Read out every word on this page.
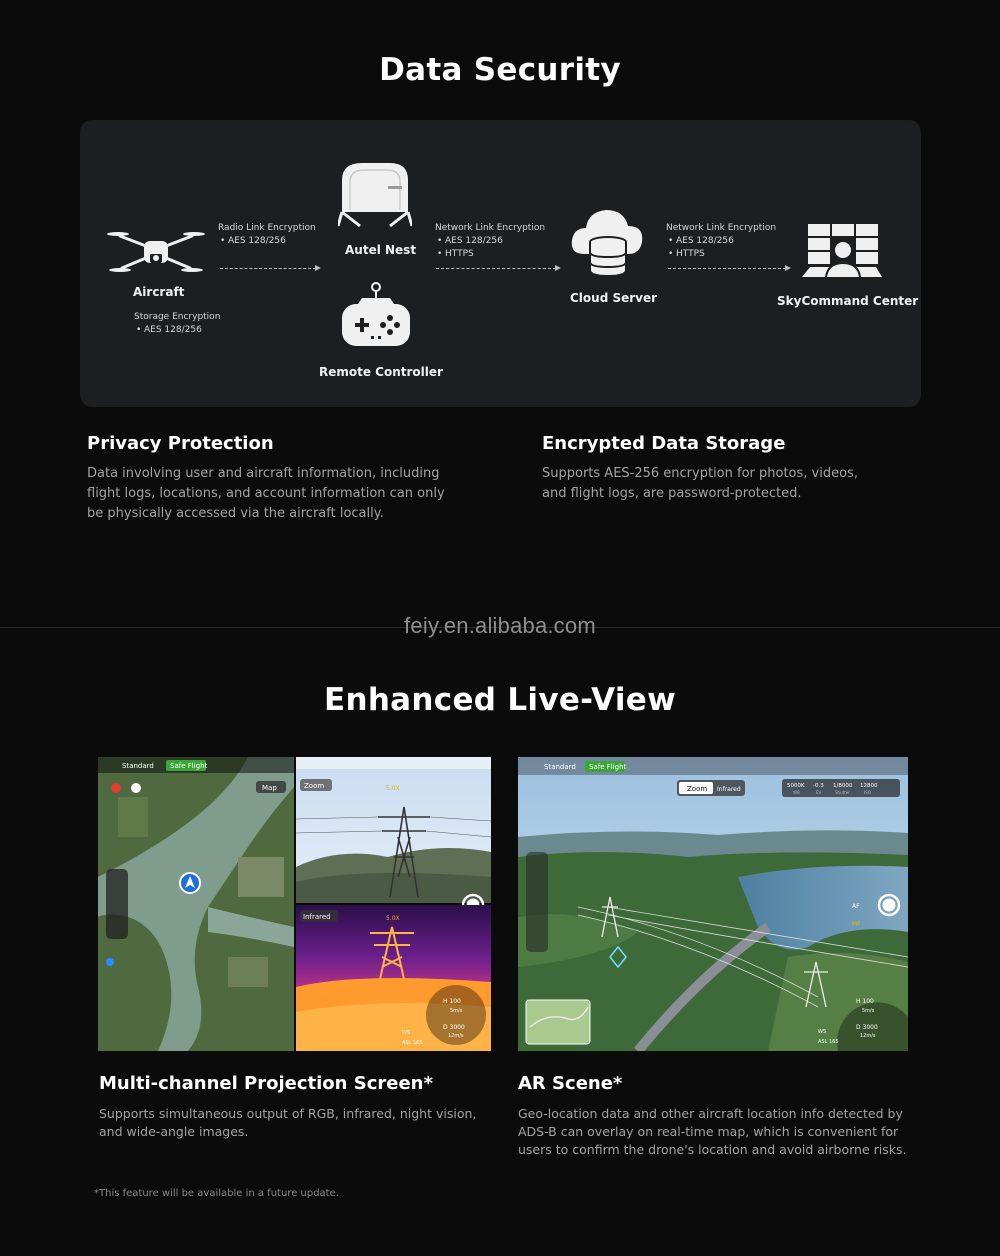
Data Security
Aircraft
Storage Encryption
• AES 128/256
Radio Link Encryption
• AES 128/256
Autel Nest
Remote Controller
Network Link Encryption
• AES 128/256
• HTTPS
Cloud Server
Network Link Encryption
• AES 128/256
• HTTPS
SkyCommand Center
Privacy Protection
Data involving user and aircraft information, including
flight logs, locations, and account information can only
be physically accessed via the aircraft locally.
Encrypted Data Storage
Supports AES-256 encryption for photos, videos,
and flight logs, are password-protected.
feiy.en.alibaba.com
Enhanced Live-View
Standard Safe Flight
Map	Zoom	5.0X
Infrared	5.0X
H 100
5m/s
D 3000
12m/s
WS
ASL 165
Standard Safe Flight
Zoom Infrared	5000K -0.3 1/8000 12800
WB	EV	Shutter	ISO
AF
MF
H 100
5m/s
D 3000
12m/s
WS
ASL 165
Multi-channel Projection Screen*
Supports simultaneous output of RGB, infrared, night vision,
and wide-angle images.
AR Scene*
Geo-location data and other aircraft location info detected by
ADS-B can overlay on real-time map, which is convenient for
users to confirm the drone's location and avoid airborne risks.
*This feature will be available in a future update.
